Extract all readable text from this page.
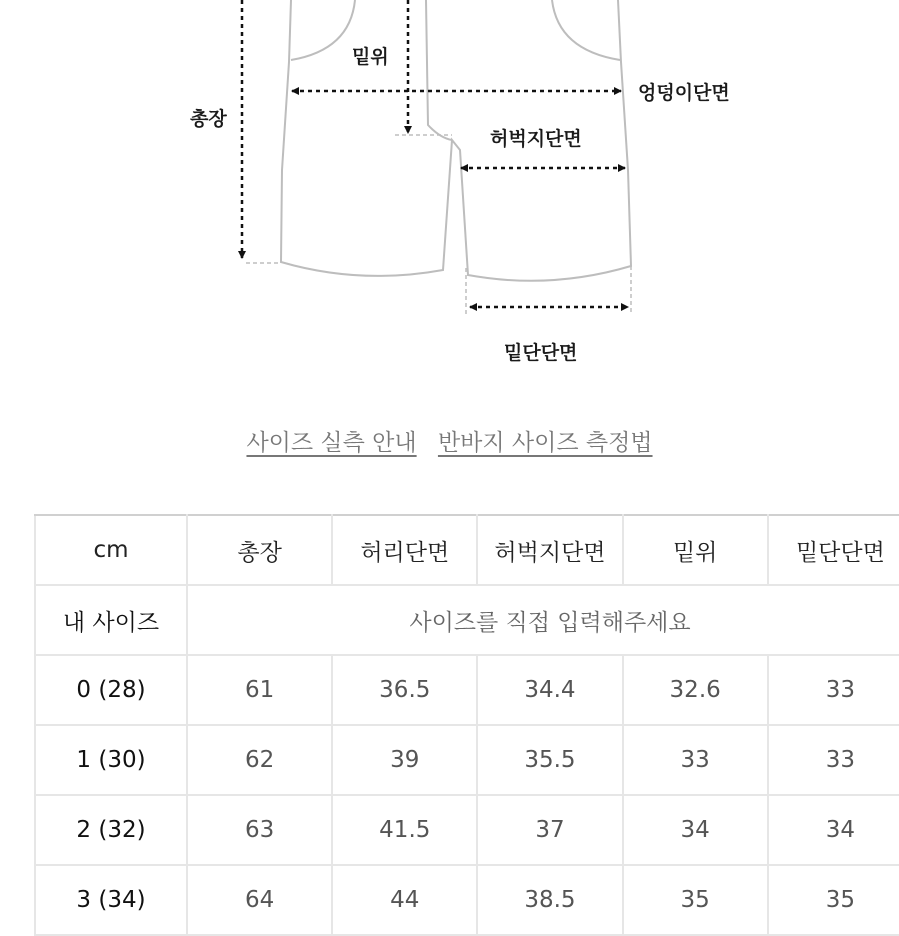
밑위
엉덩이단면
총장
허벅지단면
밑단단면
사이즈 실측 안내 반바지 사이즈 측정법
cm	총장	허리단면	허벅지단면	밑위	밑단단면
내 사이즈	사이즈를 직접 입력해주세요				
0 (28)	61	36.5	34.4	32.6	33
1 (30)	62	39	35.5	33	33
2 (32)	63	41.5	37	34	34
3 (34)	64	44	38.5	35	35
